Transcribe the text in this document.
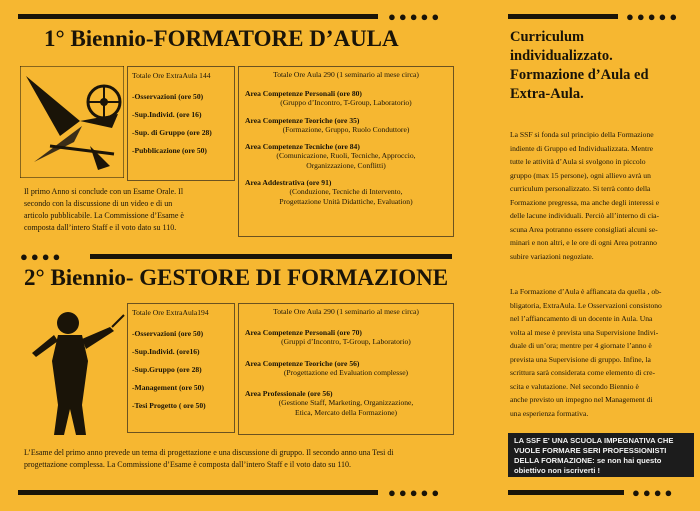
●●●●●	●●●●●
1° Biennio-FORMATORE D’AULA
Totale Ore ExtraAula 144
-Osservazioni (ore 50)
-Sup.Individ. (ore 16)
-Sup. di Gruppo (ore 28)
-Pubblicazione (ore 50)
Totale Ore Aula 290 (1 seminario al mese circa)
Area Competenze Personali (ore 80)
(Gruppo d’Incontro, T-Group, Laboratorio)
Area Competenze Teoriche (ore 35)
(Formazione, Gruppo, Ruolo Conduttore)
Area Competenze Tecniche (ore 84)
(Comunicazione, Ruoli, Tecniche, Approccio,
Organizzazione, Conflitti)
Area Addestrativa (ore 91)
(Conduzione, Tecniche di Intervento,
Progettazione Unità Didattiche, Evaluation)
Il primo Anno si conclude con un Esame Orale. Il
secondo con la discussione di un video e di un
articolo pubblicabile. La Commissione d’Esame è
composta dall’intero Staff e il voto dato su 110.
●●●●
2° Biennio- GESTORE DI FORMAZIONE
Totale Ore ExtraAula194
-Osservazioni (ore 50)
-Sup.Individ. (ore16)
-Sup.Gruppo (ore 28)
-Management (ore 50)
-Tesi Progetto ( ore 50)
Totale Ore Aula 290 (1 seminario al mese circa)
Area Competenze Personali (ore 70)
(Gruppi d’Incontro, T-Group, Laboratorio)
Area Competenze Teoriche (ore 56)
(Progettazione ed Evaluation complesse)
Area Professionale (ore 56)
(Gestione Staff, Marketing, Organizzazione,
Etica, Mercato della Formazione)
L’Esame del primo anno prevede un tema di progettazione e una discussione di gruppo. Il secondo anno una Tesi di
progettazione complessa. La Commissione d’Esame è composta dall’intero Staff e il voto dato su 110.
●●●●●
Curriculum
individualizzato.
Formazione d’Aula ed
Extra-Aula.
La SSF si fonda sul principio della Formazione
indiente di Gruppo ed Individualizzata. Mentre
tutte le attività d’Aula si svolgono in piccolo
gruppo (max 15 persone), ogni allievo avrà un
curriculum personalizzato. Si terrà conto della
Formazione pregressa, ma anche degli interessi e
delle lacune individuali. Perciò all’interno di cia-
scuna Area potranno essere consigliati alcuni se-
minari e non altri, e le ore di ogni Area potranno
subire variazioni negoziate.
La Formazione d’Aula è affiancata da quella , ob-
bligatoria, ExtraAula. Le Osservazioni consistono
nel l’affiancamento di un docente in Aula. Una
volta al mese è prevista una Supervisione Indivi-
duale di un’ora; mentre per 4 giornate l’anno è
prevista una Supervisione di gruppo. Infine, la
scrittura sarà considerata come elemento di cre-
scita e valutazione. Nel secondo Biennio è
anche previsto un impegno nel Management di
una esperienza formativa.
LA SSF E' UNA SCUOLA IMPEGNATIVA CHE
VUOLE FORMARE SERI PROFESSIONISTI
DELLA FORMAZIONE: se non hai questo
obiettivo non iscriverti !
●●●●
